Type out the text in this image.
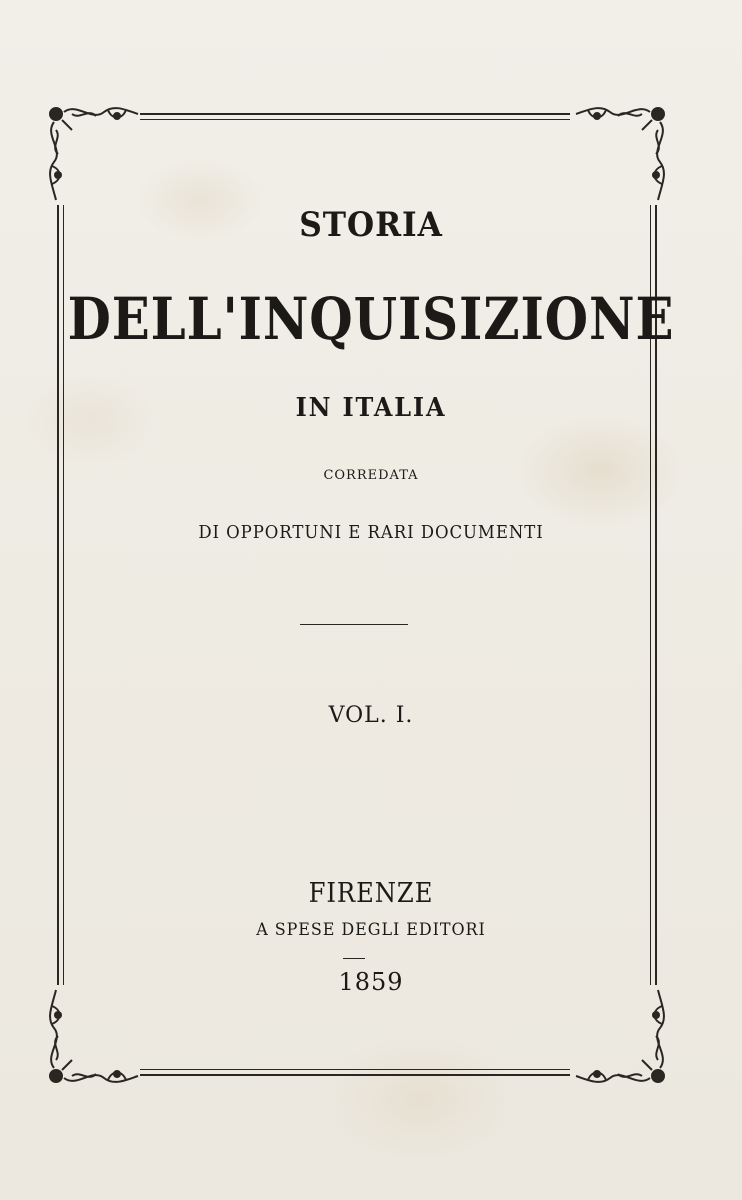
STORIA
DELL'INQUISIZIONE
IN ITALIA
CORREDATA
DI OPPORTUNI E RARI DOCUMENTI
VOL. I.
FIRENZE
A SPESE DEGLI EDITORI
1859
